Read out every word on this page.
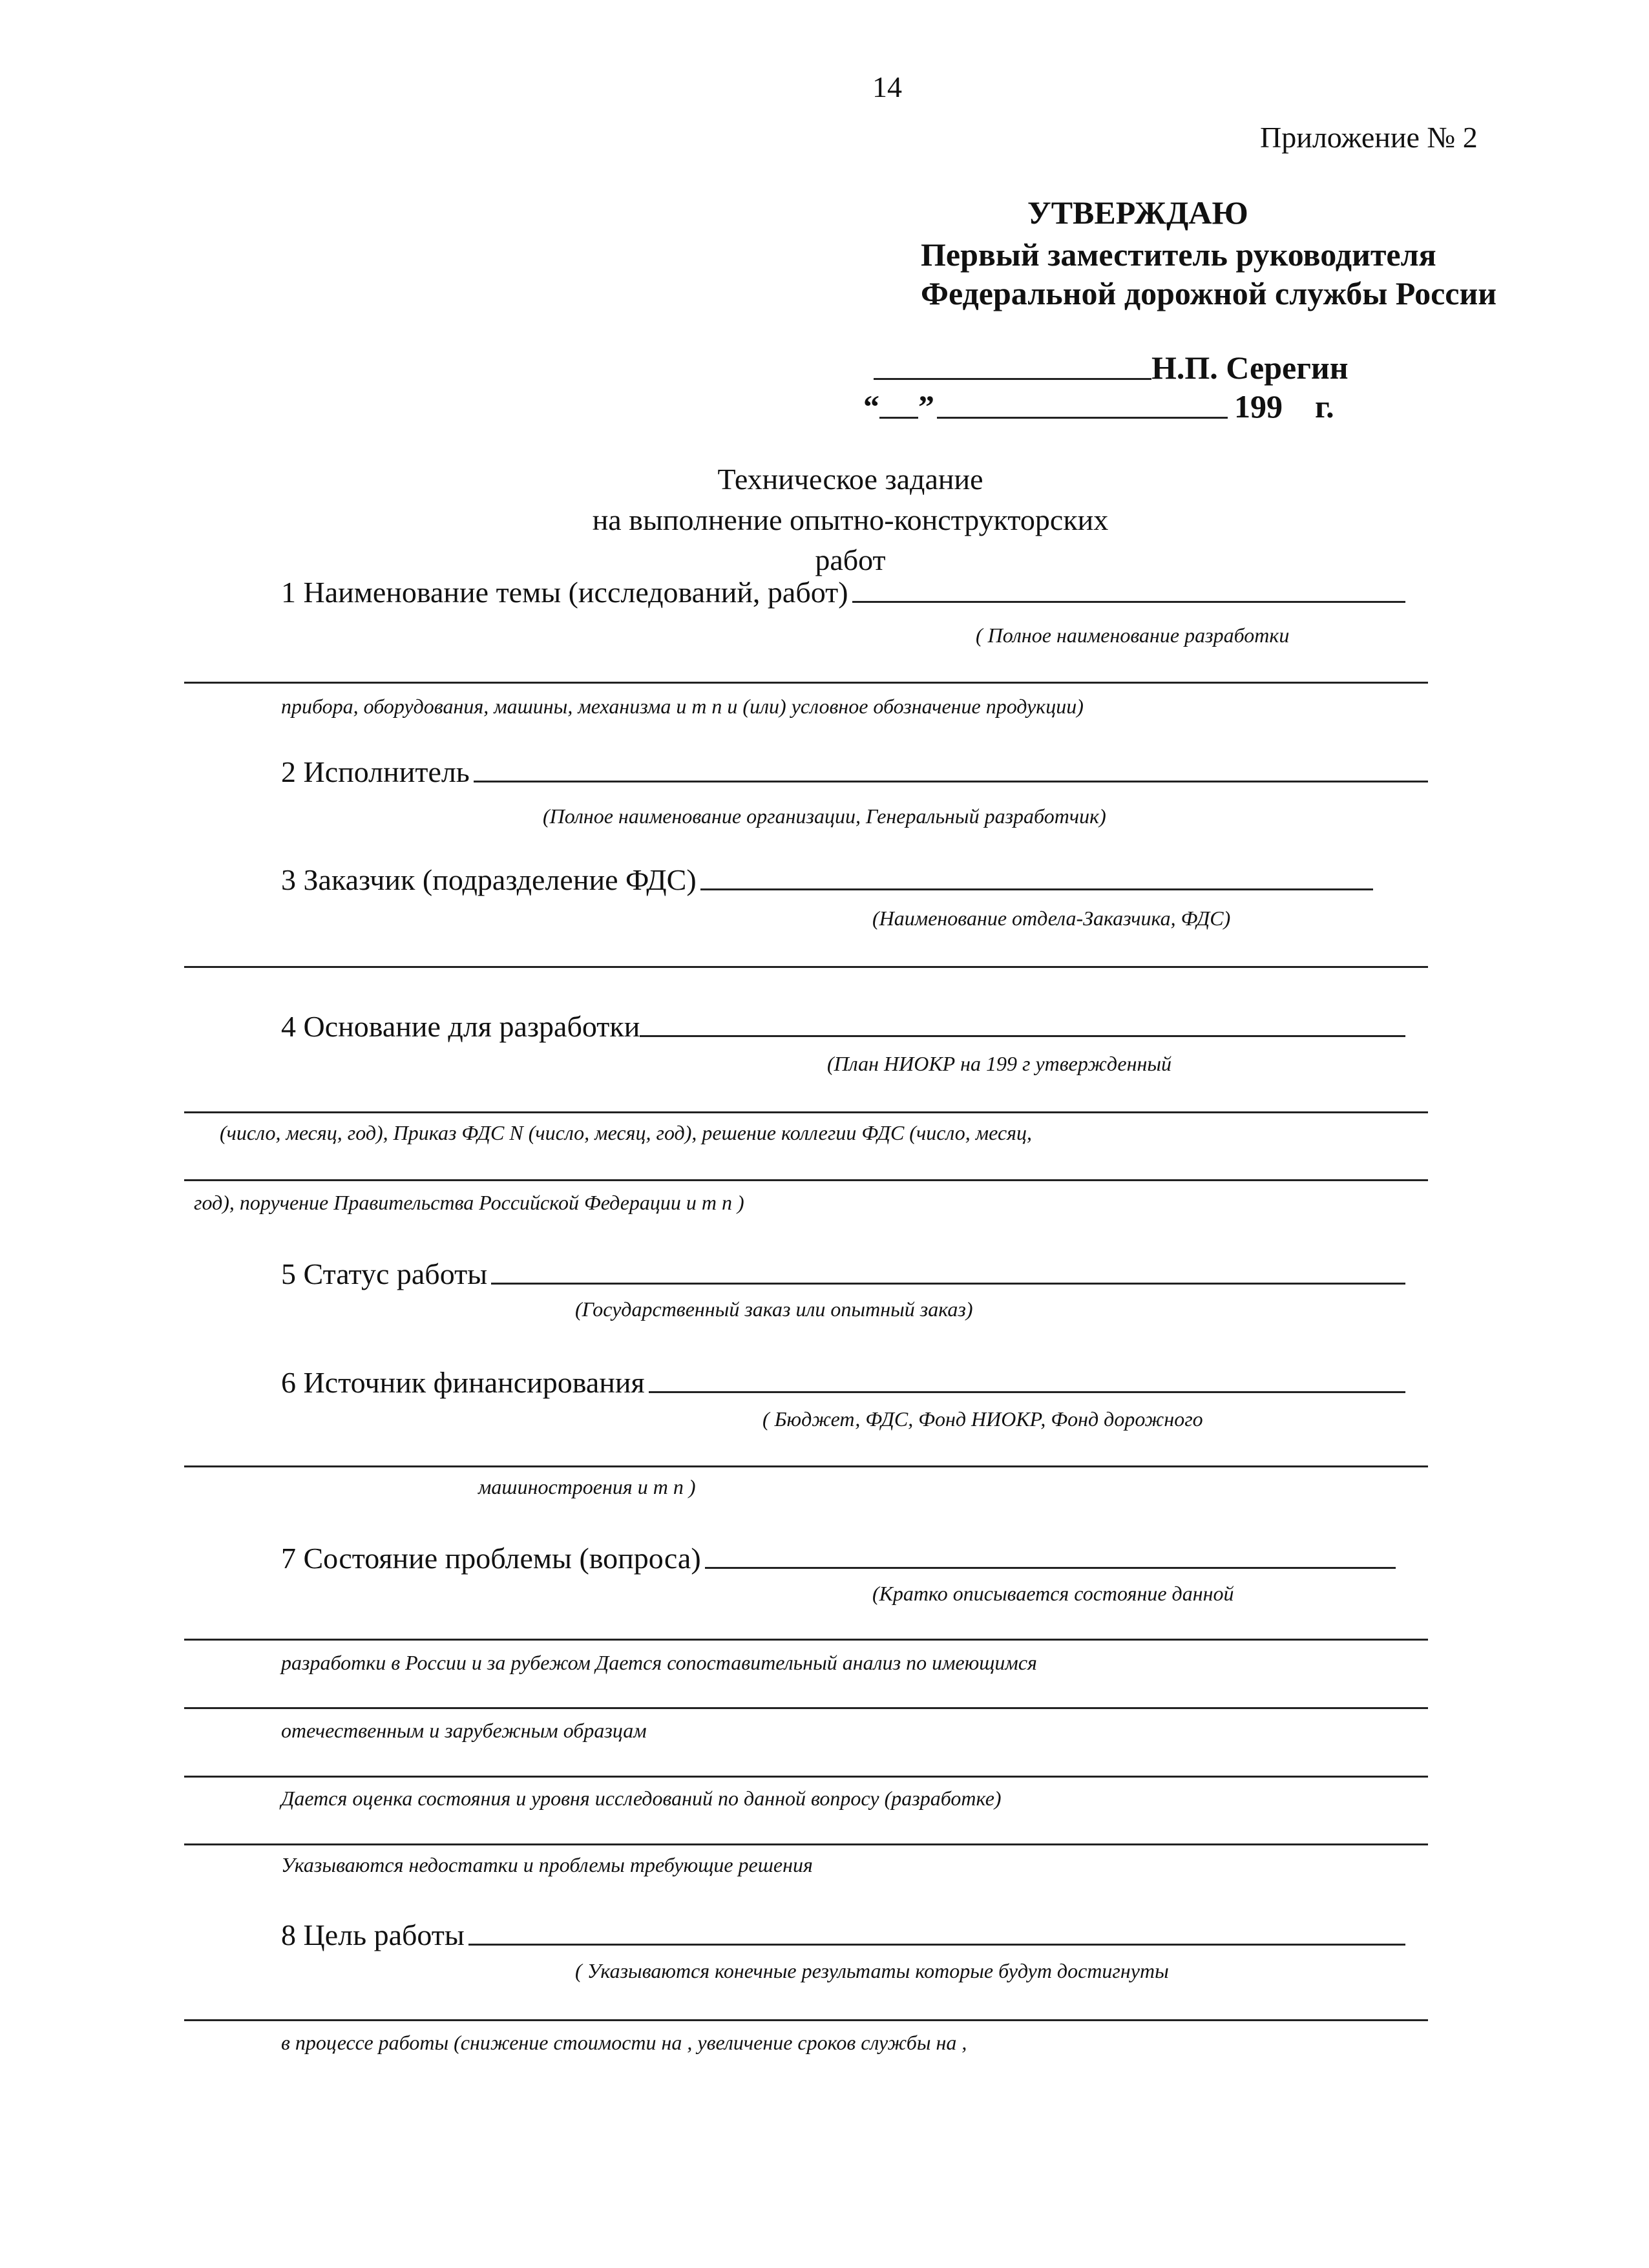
14
Приложение № 2
УТВЕРЖДАЮ
Первый заместитель руководителя
Федеральной дорожной службы России
Н.П. Серегин
“ ”	199 г.
Техническое задание
на выполнение опытно-конструкторских
работ
1 Наименование темы (исследований, работ)
( Полное наименование разработки
прибора, оборудования, машины, механизма и т п и (или) условное обозначение продукции)
2 Исполнитель
(Полное наименование организации, Генеральный разработчик)
3 Заказчик (подразделение ФДС)
(Наименование отдела-Заказчика, ФДС)
4 Основание для разработки
(План НИОКР на 199 г утвержденный
(число, месяц, год), Приказ ФДС N (число, месяц, год), решение коллегии ФДС (число, месяц,
год), поручение Правительства Российской Федерации и т п )
5 Статус работы
(Государственный заказ или опытный заказ)
6 Источник финансирования
( Бюджет, ФДС, Фонд НИОКР, Фонд дорожного
машиностроения и т п )
7 Состояние проблемы (вопроса)
(Кратко описывается состояние данной
разработки в России и за рубежом Дается сопоставительный анализ по имеющимся
отечественным и зарубежным образцам
Дается оценка состояния и уровня исследований по данной вопросу (разработке)
Указываются недостатки и проблемы требующие решения
8 Цель работы
( Указываются конечные результаты которые будут достигнуты
в процессе работы (снижение стоимости на , увеличение сроков службы на ,
